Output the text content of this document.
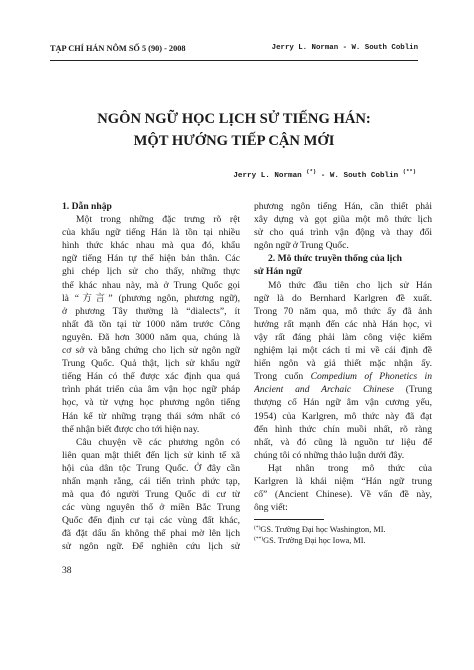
TẠP CHÍ HÁN NÔM SỐ 5 (90) - 2008	Jerry L. Norman - W. South Coblin
NGÔN NGỮ HỌC LỊCH SỬ TIẾNG HÁN:
MỘT HƯỚNG TIẾP CẬN MỚI
Jerry L. Norman (*) - W. South Coblin (**)
1. Dẫn nhập
Một trong những đặc trưng rõ rệt
của khẩu ngữ tiếng Hán là tồn tại nhiều
hình thức khác nhau mà qua đó, khẩu
ngữ tiếng Hán tự thể hiện bản thân. Các
ghi chép lịch sử cho thấy, những thực
thể khác nhau này, mà ở Trung Quốc gọi
là “方言” (phương ngôn, phương ngữ),
ở phương Tây thường là “dialects”, ít
nhất đã tồn tại từ 1000 năm trước Công
nguyên. Đã hơn 3000 năm qua, chúng là
cơ sở và bằng chứng cho lịch sử ngôn ngữ
Trung Quốc. Quả thật, lịch sử khẩu ngữ
tiếng Hán có thể được xác định qua quá
trình phát triển của âm vận học ngữ pháp
học, và từ vựng học phương ngôn tiếng
Hán kể từ những trạng thái sớm nhất có
thể nhận biết được cho tới hiện nay.
Câu chuyện về các phương ngôn có
liên quan mật thiết đến lịch sử kinh tế xã
hội của dân tộc Trung Quốc. Ở đây cần
nhấn mạnh rằng, cái tiến trình phức tạp,
mà qua đó người Trung Quốc di cư từ
các vùng nguyên thổ ở miền Bắc Trung
Quốc đến định cư tại các vùng đất khác,
đã đặt dấu ấn không thể phai mờ lên lịch
sử ngôn ngữ. Để nghiên cứu lịch sử
phương ngôn tiếng Hán, cần thiết phải
xây dựng và gọt giũa một mô thức lịch
sử cho quá trình vận động và thay đổi
ngôn ngữ ở Trung Quốc.
2. Mô thức truyền thống của lịch
sử Hán ngữ
Mô thức đầu tiên cho lịch sử Hán
ngữ là do Bernhard Karlgren đề xuất.
Trong 70 năm qua, mô thức ấy đã ảnh
hưởng rất mạnh đến các nhà Hán học, vì
vậy rất đáng phải làm công việc kiểm
nghiệm lại một cách tỉ mỉ về cái định đề
hiển ngôn và giả thiết mặc nhận ấy.
Trong cuốn Compedium of Phonetics in
Ancient and Archaic Chinese (Trung
thượng cổ Hán ngữ âm vận cương yếu,
1954) của Karlgren, mô thức này đã đạt
đến hình thức chín muồi nhất, rõ ràng
nhất, và đó cũng là nguồn tư liệu để
chúng tôi có những thảo luận dưới đây.
Hạt nhân trong mô thức của
Karlgren là khái niệm “Hán ngữ trung
cổ” (Ancient Chinese). Về vấn đề này,
ông viết:
(*)GS. Trường Đại học Washington, MI.
(**)GS. Trường Đại học Iowa, MI.
38
